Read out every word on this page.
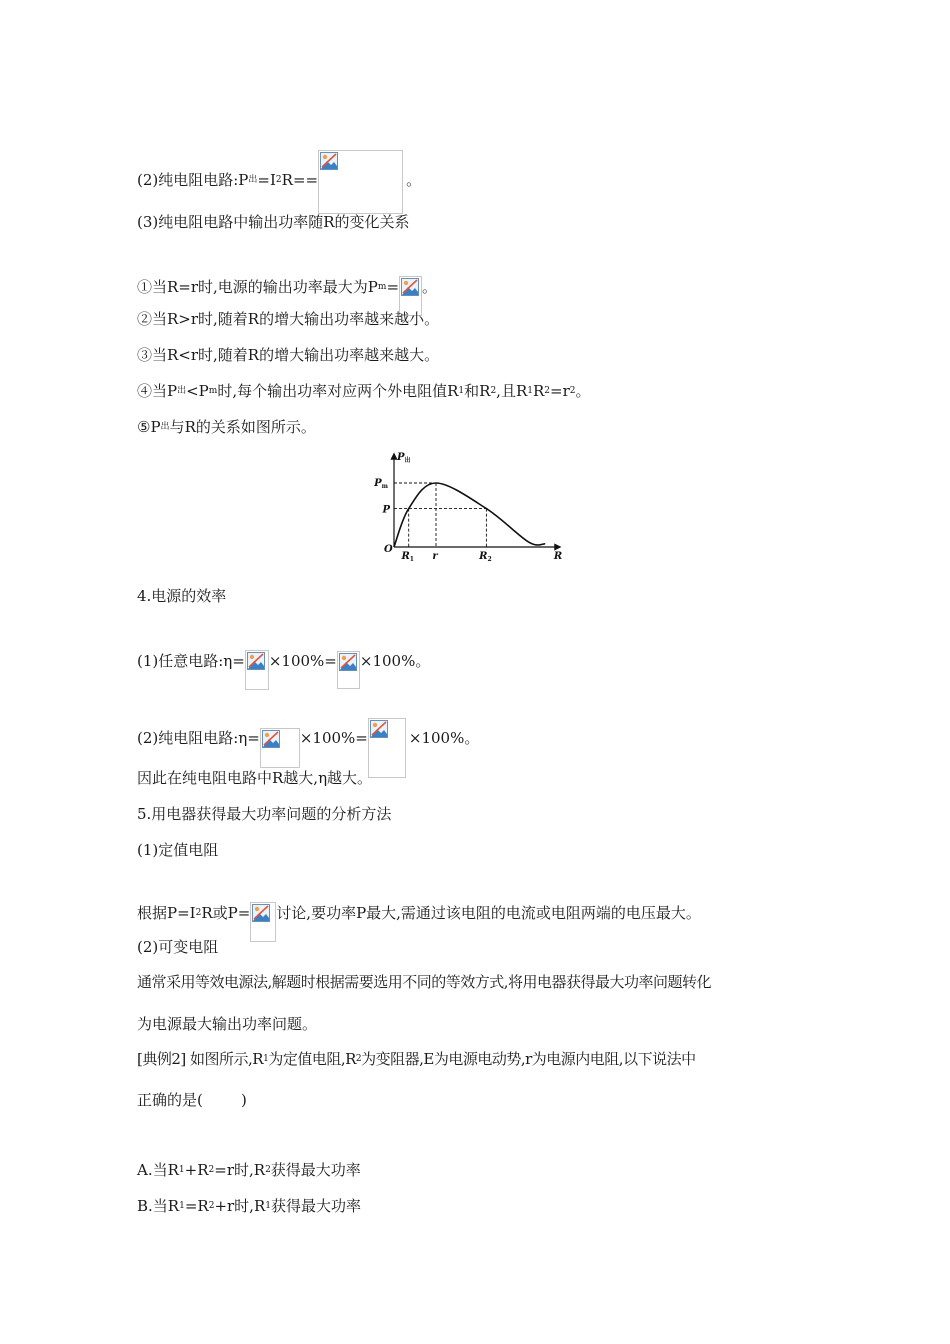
(2)纯电阻电路:P 出 =I 2 R==	。
(3)纯电阻电路中输出功率随R的变化关系
①当R=r时,电源的输出功率最大为P m = 。
②当R>r时,随着R的增大输出功率越来越小。
③当R<r时,随着R的增大输出功率越来越大。
④当P 出 <P m 时,每个输出功率对应两个外电阻值R 1 和R 2 ,且R 1 R 2 =r 2 。
⑤P 出 与R的关系如图所示。
$P_出$
R
O
$P_m$
P
$R_1$ r	$R_2$
4.电源的效率
(1)任意电路:η= ×100%= ×100%。
(2)纯电阻电路:η=	×100%=	×100%。
因此在纯电阻电路中R越大,η越大。
5.用电器获得最大功率问题的分析方法
(1)定值电阻
根据P=I 2 R或P= 讨论,要功率P最大,需通过该电阻的电流或电阻两端的电压最大。
(2)可变电阻
通常采用等效电源法,解题时根据需要选用不同的等效方式,将用电器获得最大功率问题转化
为电源最大输出功率问题。
[典例2] 如图所示,R 1 为定值电阻,R 2 为变阻器,E为电源电动势,r为电源内电阻,以下说法中
正确的是(        )
A.当R 1 +R 2 =r时,R 2 获得最大功率
B.当R 1 =R 2 +r时,R 1 获得最大功率
